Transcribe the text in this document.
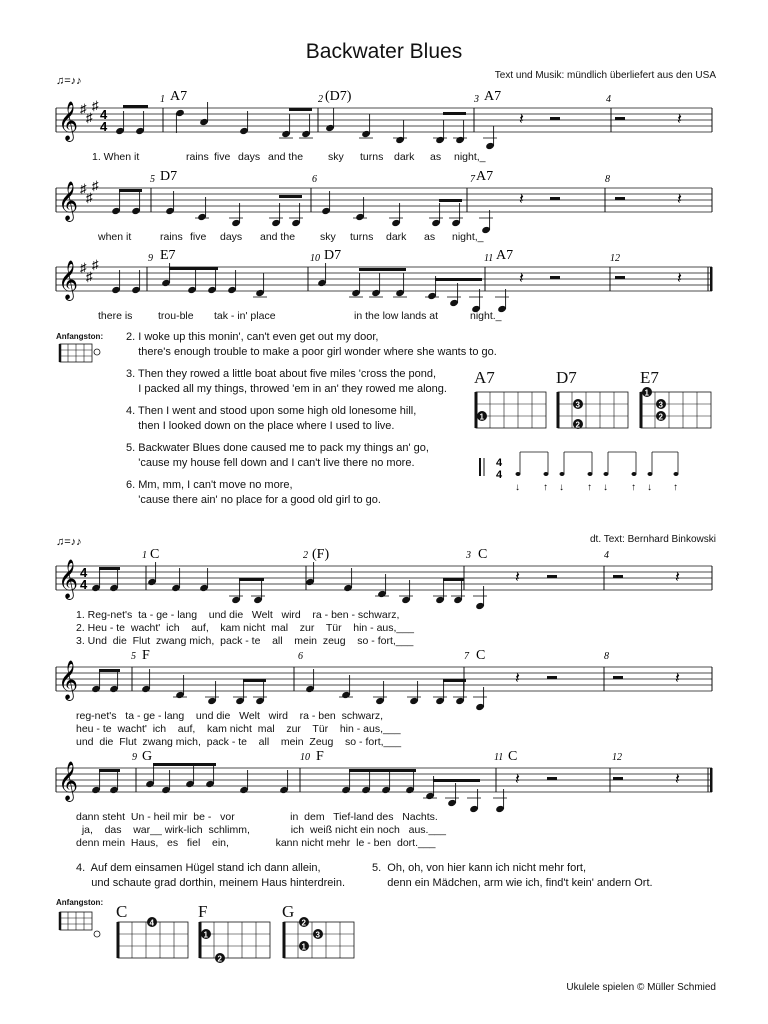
Backwater Blues
Text und Musik: mündlich überliefert aus den USA
dt. Text: Bernhard Binkowski
Ukulele spielen © Müller Schmied
♫=♪♪
♫=♪♪
𝄞 ♯
♯
♯
4
4	𝄽	𝄽
𝄞 ♯
♯
♯
𝄽	𝄽
𝄞 ♯
♯
♯
𝄽	𝄽
1	2	3	4
A7	(D7)	A7
5	6	7	8
D7	A7
9	10	11	12
E7	D7	A7
1
3
2
1
3
2
4
4
↓ ↑ ↓ ↑ ↓ ↑ ↓ ↑
𝄞 4
4	𝄽	𝄽
𝄞	𝄽	𝄽
𝄞	𝄽	𝄽
1	2	3	4
C	(F)	C
5	6	7	8
F	C
9	10	11	12
G	F	C
4
1
2
2
3
1
1. When it	rains five days and the sky turns dark as night,_
when it	rains five days and the sky turns dark as night,_
there is trou-ble tak - in' place	in the low lands at	night._
Anfangston: 2. I woke up this monin', can't even get out my door,
there's enough trouble to make a poor girl wonder where she wants to go.
3. Then they rowed a little boat about five miles 'cross the pond,
I packed all my things, throwed 'em in an' they rowed me along.
4. Then I went and stood upon some high old lonesome hill,
then I looked down on the place where I used to live.
5. Backwater Blues done caused me to pack my things an' go,
'cause my house fell down and I can't live there no more.
6. Mm, mm, I can't move no more,
'cause there ain' no place for a good old girl to go.
A7	D7	E7
1. Reg-net's  ta - ge - lang    und die   Welt   wird    ra - ben - schwarz,
2. Heu - te  wacht'  ich    auf,    kam nicht  mal    zur    Tür    hin - aus,___
3. Und  die  Flut  zwang mich,  pack - te    all    mein  zeug    so - fort,___
reg-net's   ta - ge - lang    und die   Welt   wird    ra - ben  schwarz,
heu - te  wacht'  ich    auf,    kam nicht  mal    zur    Tür    hin - aus,___
und  die  Flut  zwang mich,  pack - te    all    mein  Zeug    so - fort,___
dann steht  Un - heil mir  be -   vor                   in  dem   Tief-land des   Nachts.
ja,    das    war__ wirk-lich  schlimm,              ich  weiß nicht ein noch   aus.___
denn mein  Haus,   es   fiel    ein,                kann nicht mehr  le - ben  dort.___
4.  Auf dem einsamen Hügel stand ich dann allein,
und schaute grad dorthin, meinem Haus hinterdrein.
5.  Oh, oh, von hier kann ich nicht mehr fort,
denn ein Mädchen, arm wie ich, find't kein' andern Ort.
Anfangston: C	F	G
